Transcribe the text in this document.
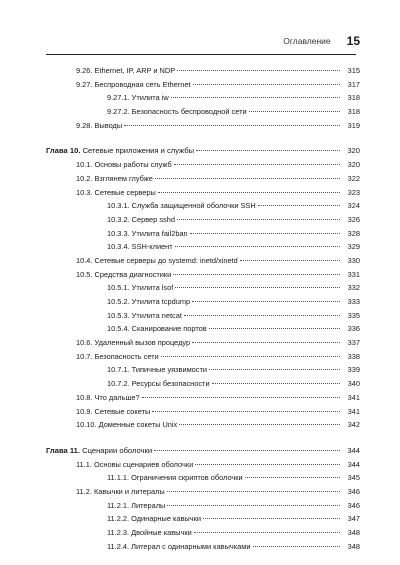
Оглавление 15
9.26. Ethernet, IP, ARP и NDP	315
9.27. Беспроводная сеть Ethernet	317
9.27.1. Утилита iw	318
9.27.2. Безопасность беспроводной сети	318
9.28. Выводы	319
Глава 10. Сетевые приложения и службы	320
10.1. Основы работы служб	320
10.2. Взглянем глубже	322
10.3. Сетевые серверы	323
10.3.1. Служба защищенной оболочки SSH	324
10.3.2. Сервер sshd	326
10.3.3. Утилита fail2ban	328
10.3.4. SSH-клиент	329
10.4. Сетевые серверы до systemd: inetd/xinetd	330
10.5. Средства диагностики	331
10.5.1. Утилита lsof	332
10.5.2. Утилита tcpdump	333
10.5.3. Утилита netcat	335
10.5.4. Сканирование портов	336
10.6. Удаленный вызов процедур	337
10.7. Безопасность сети	338
10.7.1. Типичные уязвимости	339
10.7.2. Ресурсы безопасности	340
10.8. Что дальше?	341
10.9. Сетевые сокеты	341
10.10. Доменные сокеты Unix	342
Глава 11. Сценарии оболочки	344
11.1. Основы сценариев оболочки	344
11.1.1. Ограничения скриптов оболочки	345
11.2. Кавычки и литералы	346
11.2.1. Литералы	346
11.2.2. Одинарные кавычки	347
11.2.3. Двойные кавычки	348
11.2.4. Литерал с одинарными кавычками	348
